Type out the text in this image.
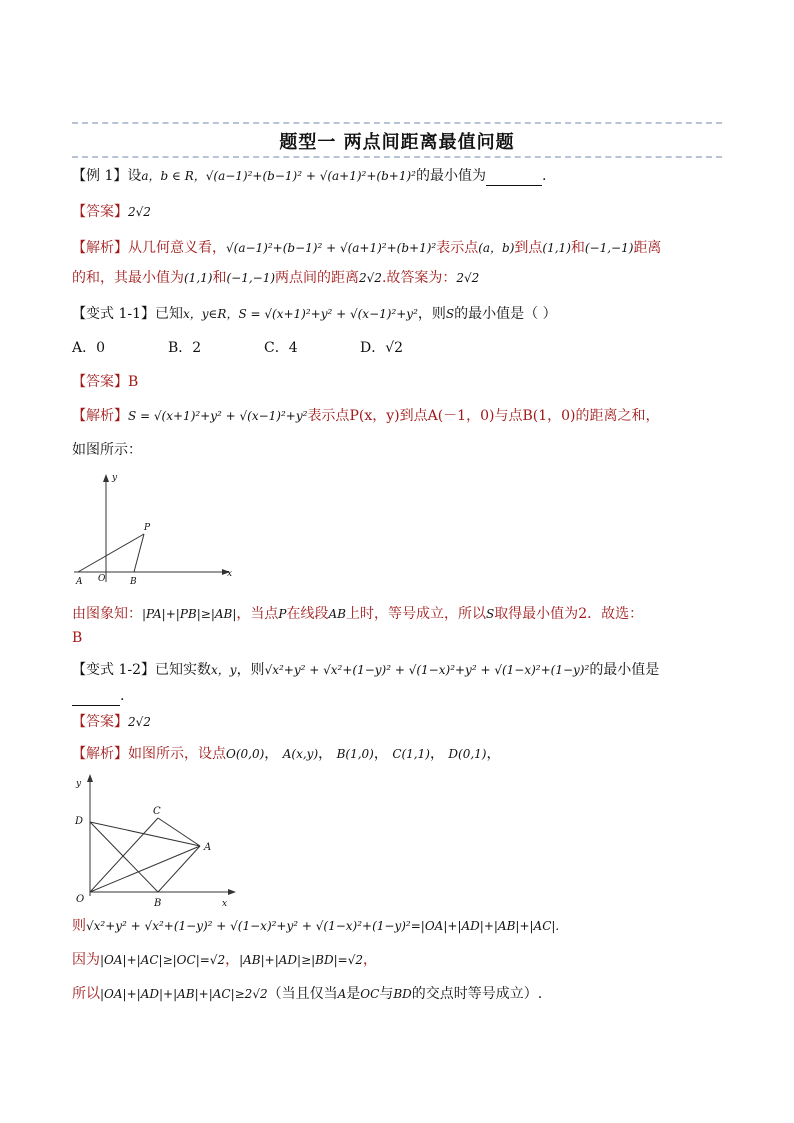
题型一 两点间距离最值问题
【例 1】设a，b ∈ R，√(a−1)²+(b−1)² + √(a+1)²+(b+1)²的最小值为	.
【答案】2√2
【解析】从几何意义看，√(a−1)²+(b−1)² + √(a+1)²+(b+1)²表示点(a，b)到点(1,1)和(−1,−1)距离
的和，其最小值为(1,1)和(−1,−1)两点间的距离2√2.故答案为：2√2
【变式 1-1】已知x，y∈R，S = √(x+1)²+y² + √(x−1)²+y²，则S的最小值是（ ）
A．0	B．2	C．4	D．√2
【答案】B
【解析】S = √(x+1)²+y² + √(x−1)²+y²表示点P(x，y)到点A(－1，0)与点B(1，0)的距离之和，
如图所示：
y
x
P
O
A	B
由图象知：|PA|+|PB|≥|AB|，当点P在线段AB上时，等号成立，所以S取得最小值为2．故选：
B
【变式 1-2】已知实数x，y，则√x²+y² + √x²+(1−y)² + √(1−x)²+y² + √(1−x)²+(1−y)²的最小值是
.
【答案】2√2
【解析】如图所示，设点O(0,0)， A(x,y)， B(1,0)， C(1,1)， D(0,1)，
y
x
O	B
C
D
A
则√x²+y² + √x²+(1−y)² + √(1−x)²+y² + √(1−x)²+(1−y)²=|OA|+|AD|+|AB|+|AC|.
因为|OA|+|AC|≥|OC|=√2，|AB|+|AD|≥|BD|=√2，
所以|OA|+|AD|+|AB|+|AC|≥2√2（当且仅当A是OC与BD的交点时等号成立）.
